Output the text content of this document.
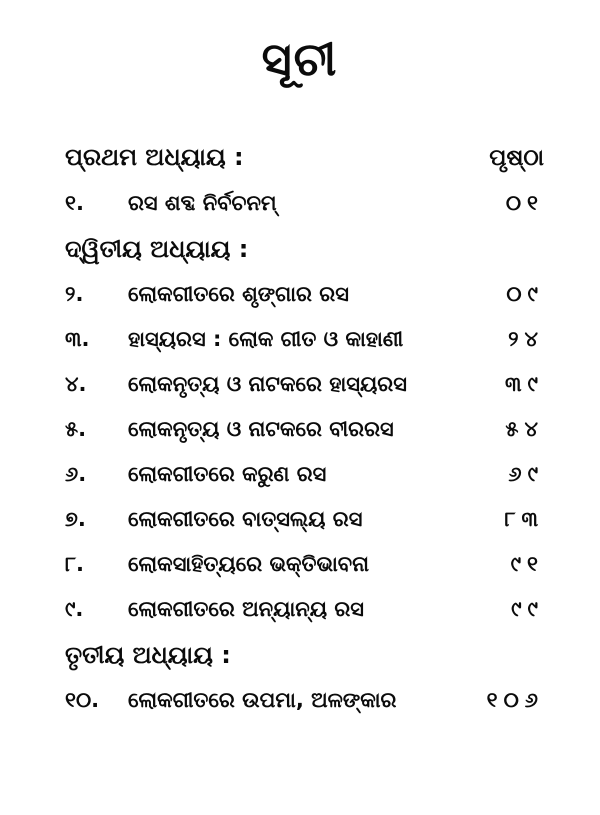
ସୂଚୀ
ପ୍ରଥମ ଅଧ୍ୟାୟ :	ପୃଷ୍ଠା
୧.	ରସ ଶବ୍ଦ ନିର୍ବଚନମ୍	୦୧
ଦ୍ୱିତୀୟ ଅଧ୍ୟାୟ :
୨.	ଲୋକଗୀତରେ ଶୃଙ୍ଗାର ରସ	୦୯
୩.	ହାସ୍ୟରସ : ଲୋକ ଗୀତ ଓ କାହାଣୀ	୨୪
୪.	ଲୋକନୃତ୍ୟ ଓ ନାଟକରେ ହାସ୍ୟରସ	୩୯
୫.	ଲୋକନୃତ୍ୟ ଓ ନାଟକରେ ବୀରରସ	୫୪
୬.	ଲୋକଗୀତରେ କରୁଣ ରସ	୬୯
୭.	ଲୋକଗୀତରେ ବାତ୍ସଲ୍ୟ ରସ	୮୩
୮.	ଲୋକସାହିତ୍ୟରେ ଭକ୍ତିଭାବନା	୯୧
୯.	ଲୋକଗୀତରେ ଅନ୍ୟାନ୍ୟ ରସ	୯୯
ତୃତୀୟ ଅଧ୍ୟାୟ :
୧୦.	ଲୋକଗୀତରେ ଉପମା, ଅଳଙ୍କାର	୧୦୬
